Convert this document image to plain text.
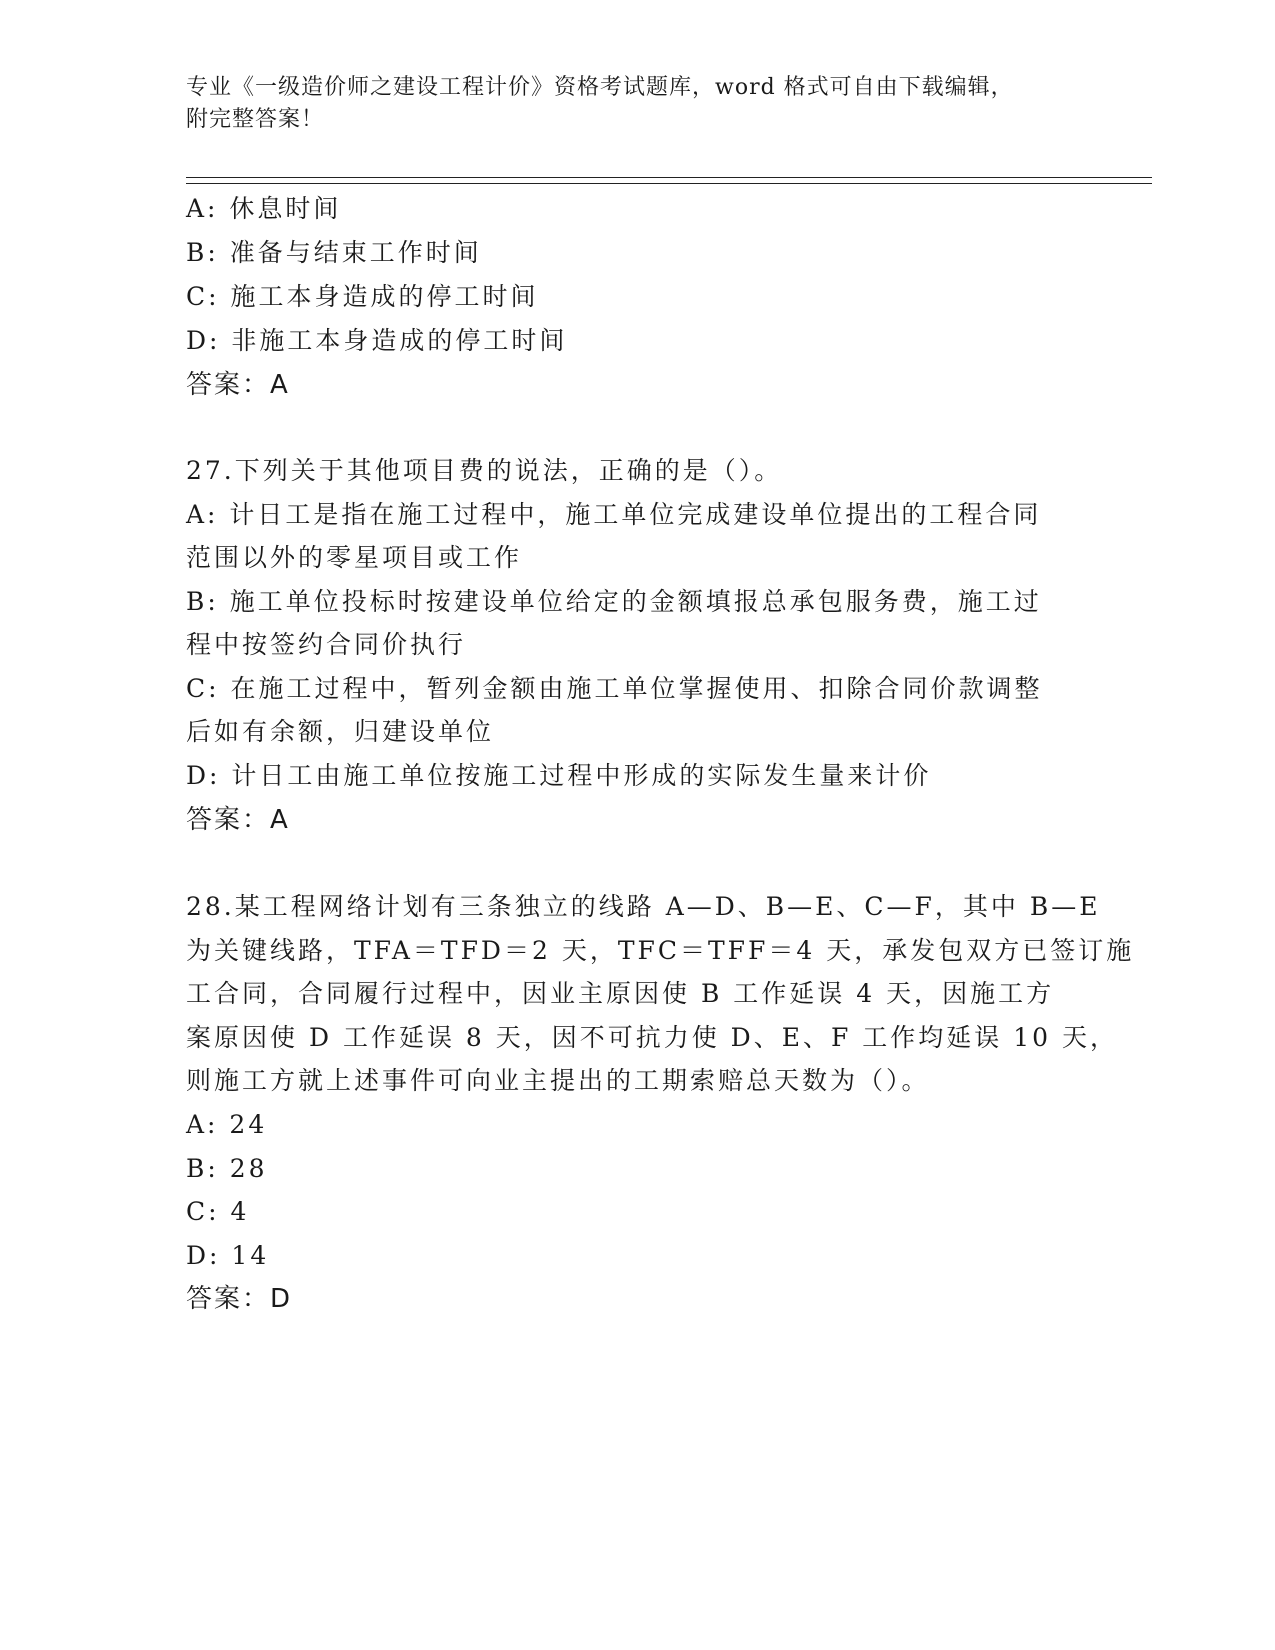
专业《一级造价师之建设工程计价》资格考试题库，word 格式可自由下载编辑，
附完整答案！
A: 休息时间
B: 准备与结束工作时间
C: 施工本身造成的停工时间
D: 非施工本身造成的停工时间
答案：A
27.下列关于其他项目费的说法，正确的是（）。
A: 计日工是指在施工过程中，施工单位完成建设单位提出的工程合同
范围以外的零星项目或工作
B: 施工单位投标时按建设单位给定的金额填报总承包服务费，施工过
程中按签约合同价执行
C: 在施工过程中，暂列金额由施工单位掌握使用、扣除合同价款调整
后如有余额，归建设单位
D: 计日工由施工单位按施工过程中形成的实际发生量来计价
答案：A
28.某工程网络计划有三条独立的线路 A—D、B—E、C—F，其中 B—E
为关键线路，TFA＝TFD＝2 天，TFC＝TFF＝4 天，承发包双方已签订施
工合同，合同履行过程中，因业主原因使 B 工作延误 4 天，因施工方
案原因使 D 工作延误 8 天，因不可抗力使 D、E、F 工作均延误 10 天，
则施工方就上述事件可向业主提出的工期索赔总天数为（）。
A: 24
B: 28
C: 4
D: 14
答案：D
